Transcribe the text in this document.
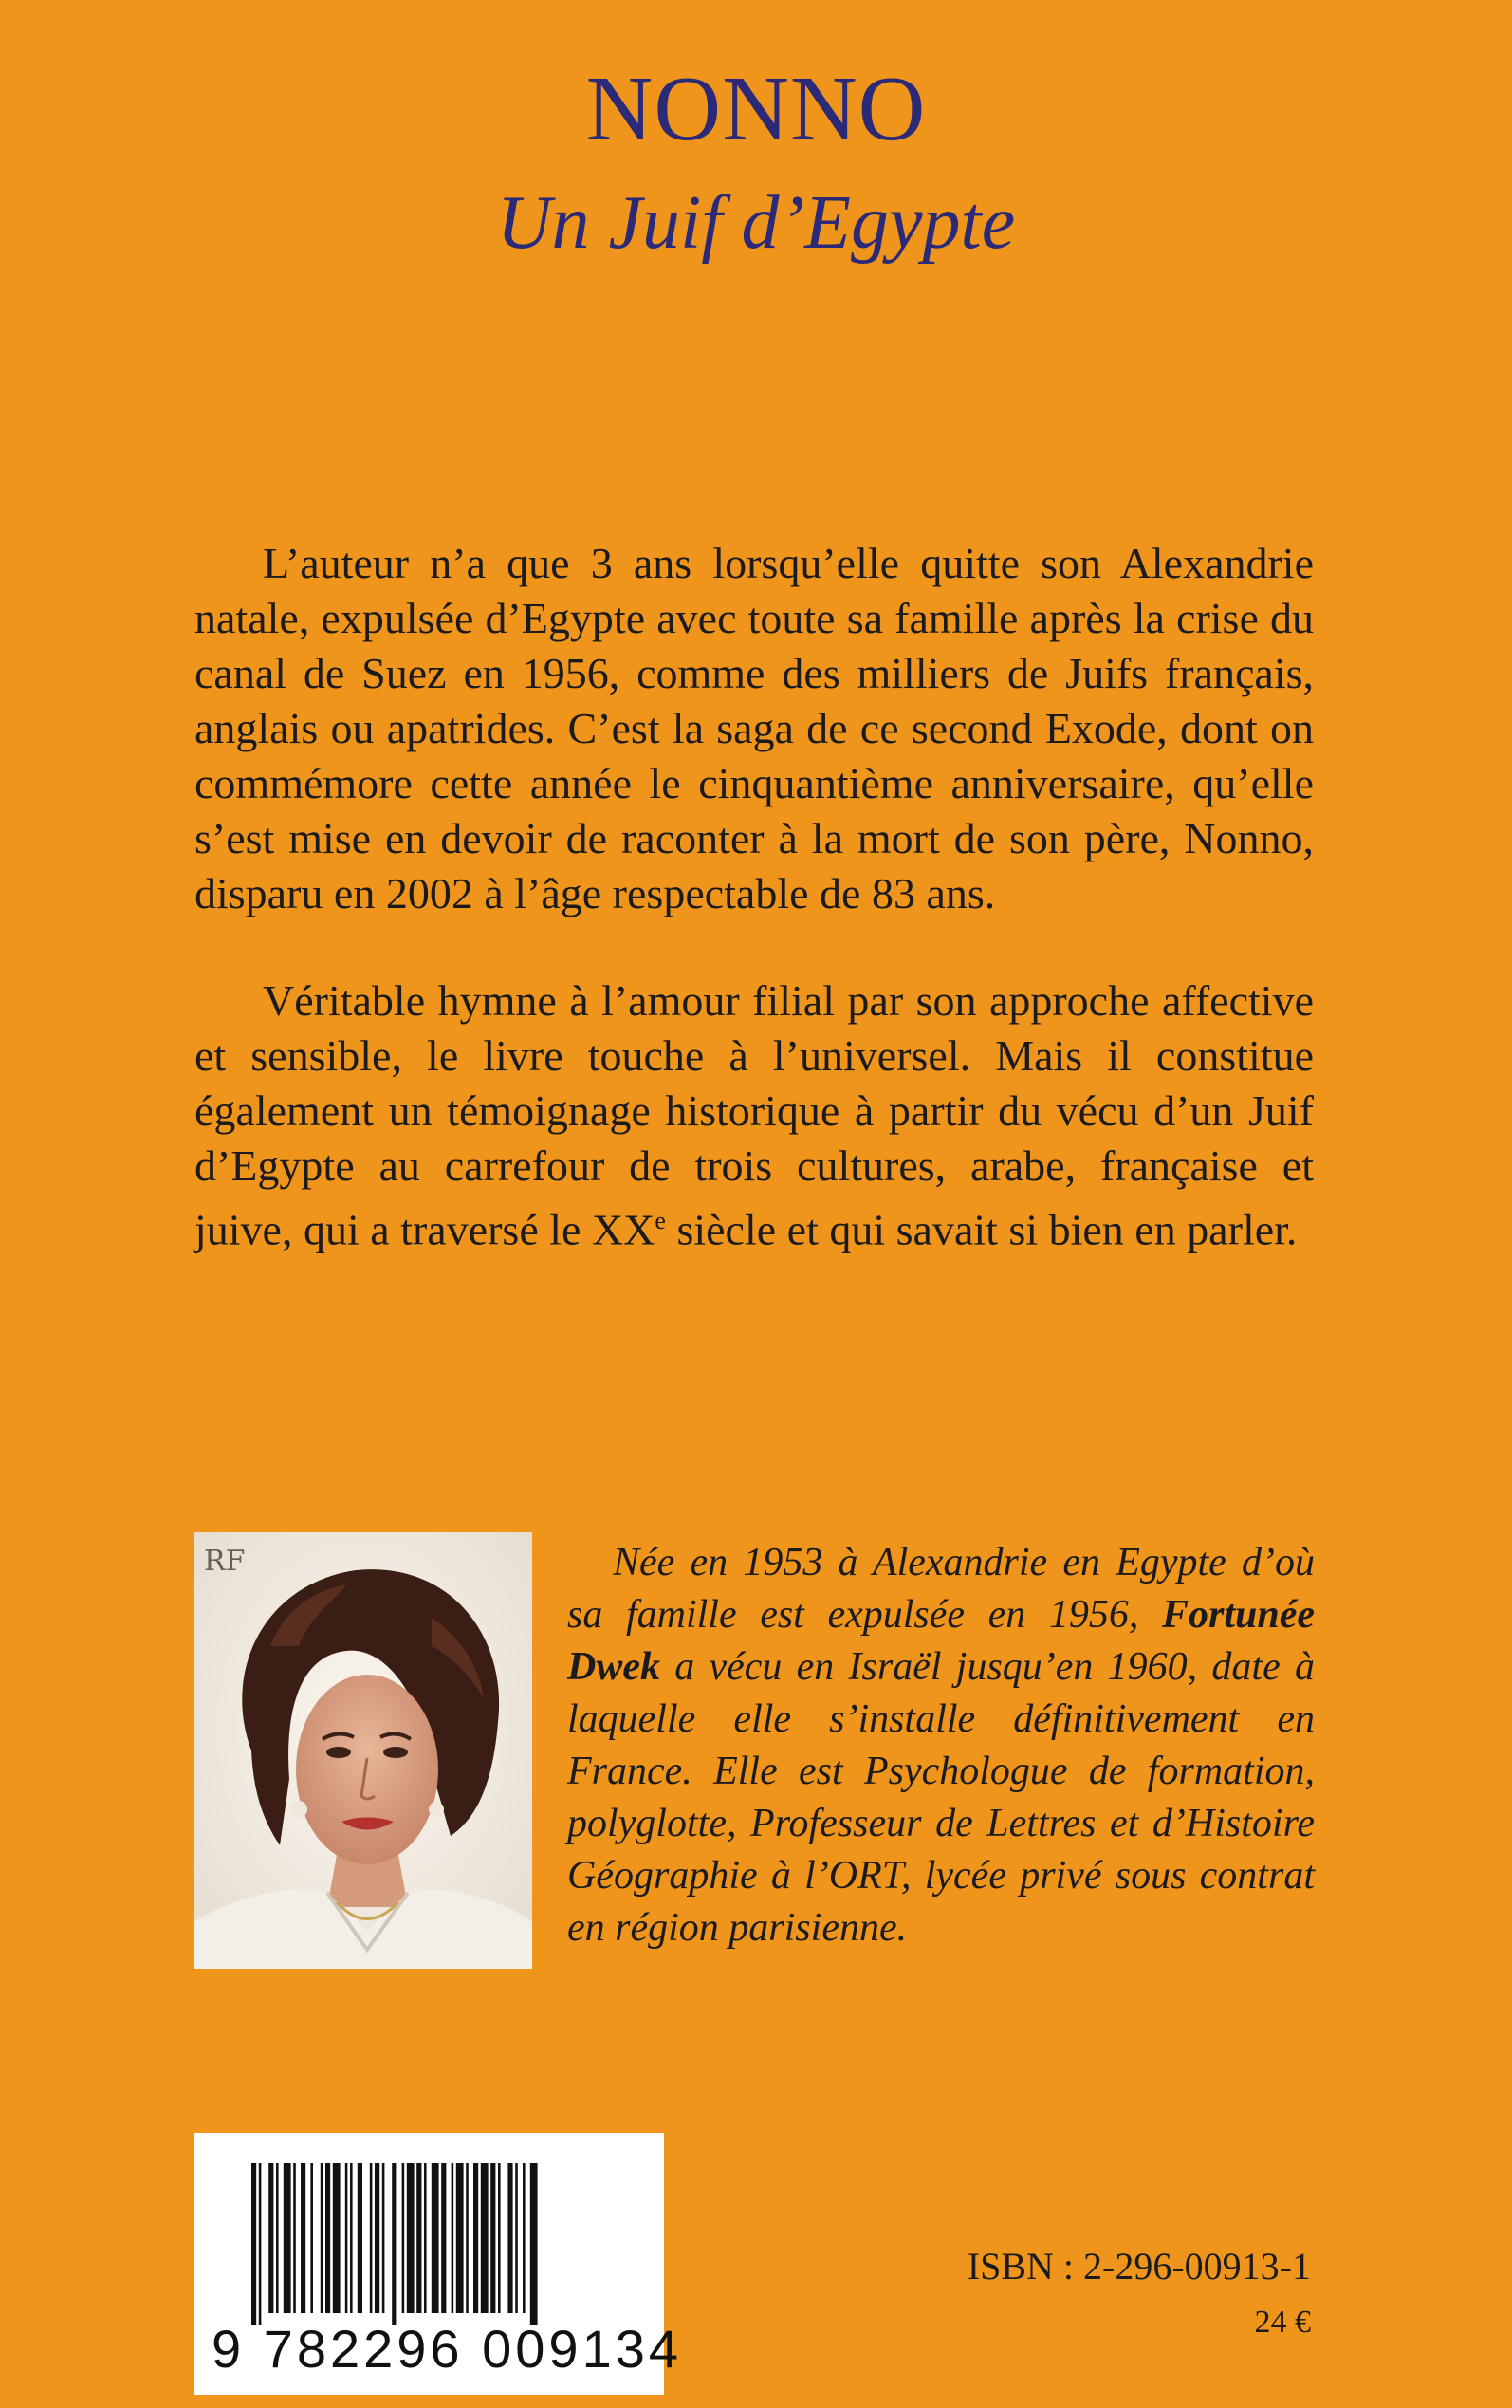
NONNO
Un Juif d’Egypte

L’auteur n’a que 3 ans lorsqu’elle quitte son Alexandrie natale, expulsée d’Egypte avec toute sa famille après la crise du canal de Suez en 1956, comme des milliers de Juifs français, anglais ou apatrides. C’est la saga de ce second Exode, dont on commémore cette année le cinquantième anniversaire, qu’elle s’est mise en devoir de raconter à la mort de son père, Nonno, disparu en 2002 à l’âge respectable de 83 ans.

Véritable hymne à l’amour filial par son approche affective et sensible, le livre touche à l’universel. Mais il constitue également un témoignage historique à partir du vécu d’un Juif d’Egypte au carrefour de trois cultures, arabe, française et juive, qui a traversé le XXe siècle et qui savait si bien en parler.

RF	Née en 1953 à Alexandrie en Egypte d’où sa famille est expulsée en 1956, Fortunée Dwek a vécu en Israël jusqu’en 1960, date à laquelle elle s’installe définitivement en France. Elle est Psychologue de formation, polyglotte, Professeur de Lettres et d’Histoire Géographie à l’ORT, lycée privé sous contrat en région parisienne.

9 782296 009134
ISBN : 2-296-00913-1
24 €
